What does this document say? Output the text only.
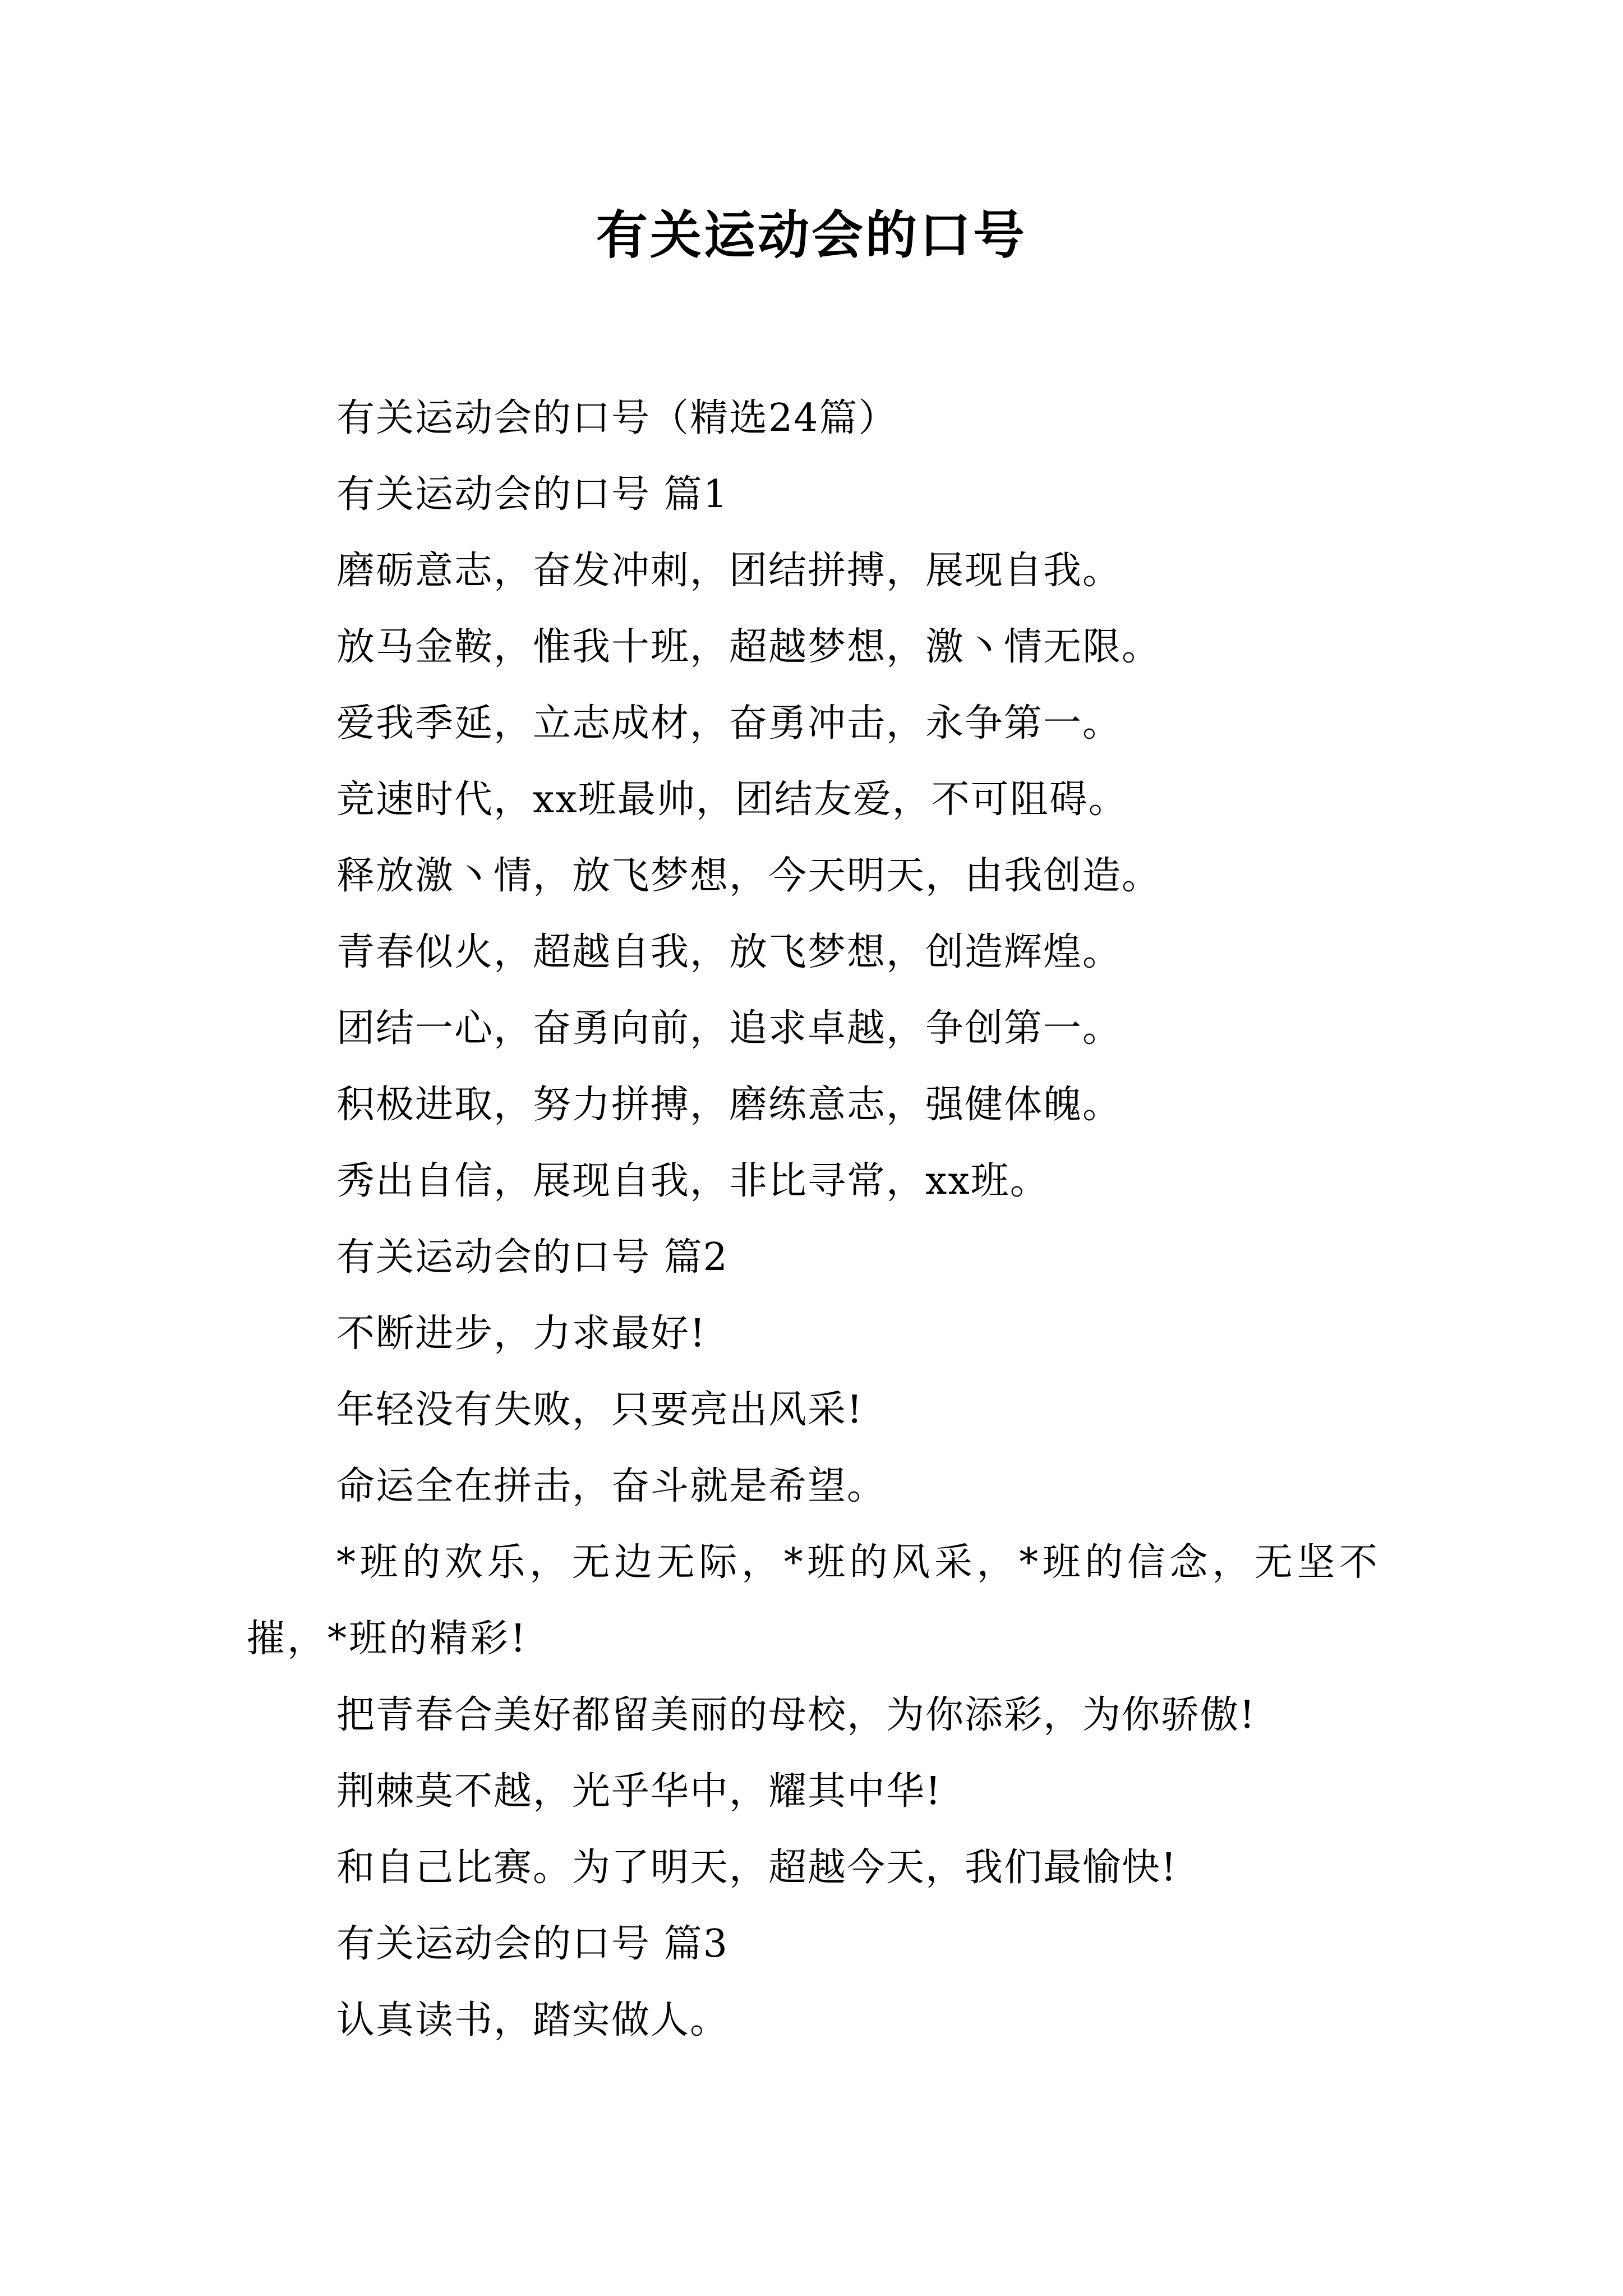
有关运动会的口号

有关运动会的口号（精选24篇）

有关运动会的口号 篇1

磨砺意志，奋发冲刺，团结拼搏，展现自我。

放马金鞍，惟我十班，超越梦想，激丶情无限。

爱我季延，立志成材，奋勇冲击，永争第一。

竞速时代，xx班最帅，团结友爱，不可阻碍。

释放激丶情，放飞梦想，今天明天，由我创造。

青春似火，超越自我，放飞梦想，创造辉煌。

团结一心，奋勇向前，追求卓越，争创第一。

积极进取，努力拼搏，磨练意志，强健体魄。

秀出自信，展现自我，非比寻常，xx班。

有关运动会的口号 篇2

不断进步，力求最好!

年轻没有失败，只要亮出风采!

命运全在拼击，奋斗就是希望。

*班的欢乐，无边无际，*班的风采，*班的信念，无坚不摧，*班的精彩!

把青春合美好都留美丽的母校，为你添彩，为你骄傲!

荆棘莫不越，光乎华中，耀其中华!

和自己比赛。为了明天，超越今天，我们最愉快!

有关运动会的口号 篇3

认真读书，踏实做人。
